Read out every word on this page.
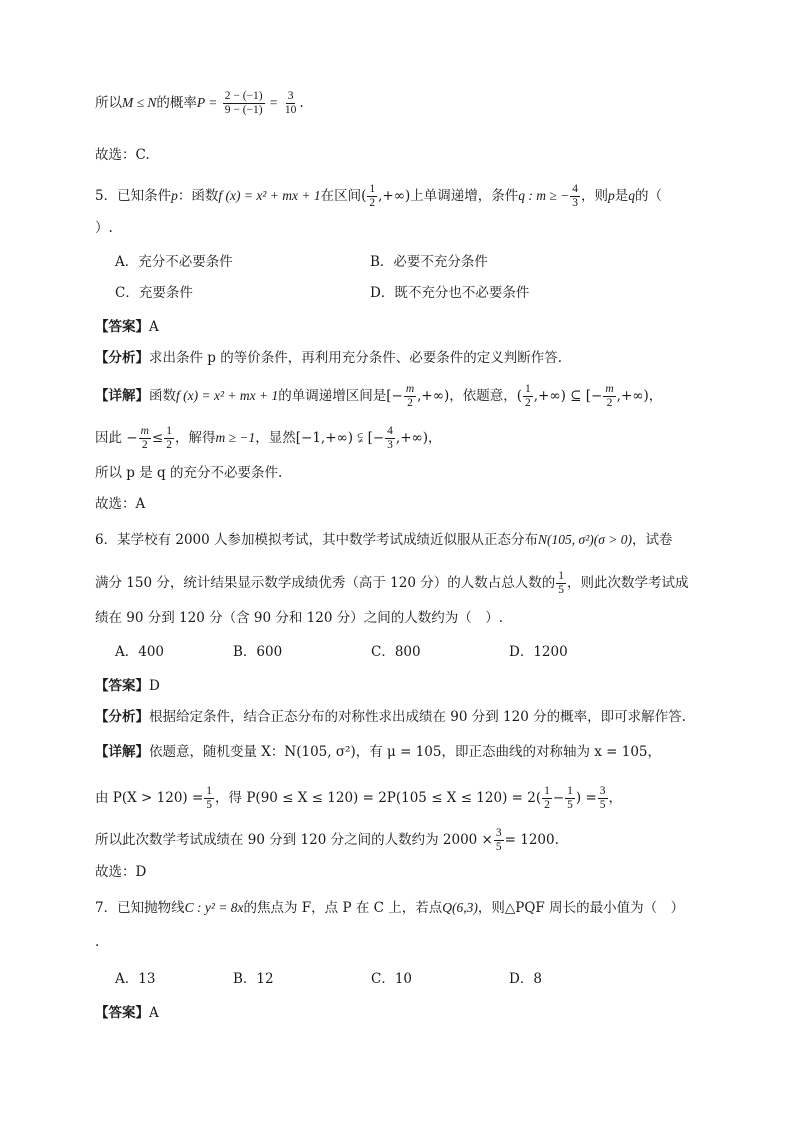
所以M ≤ N的概率$P = \frac{2 - (-1)}{9 - (-1)} = \frac{3}{10}$ .
故选：C.
5．已知条件p：函数f (x) = x² + mx + 1在区间( $\frac{1}{2}$ ,+∞)上单调递增，条件q : m ≥ − $\frac{4}{3}$ ，则p是q的（
）.
A．充分不必要条件	B．必要不充分条件
C．充要条件	D．既不充分也不必要条件
【答案】A
【分析】求出条件 p 的等价条件，再利用充分条件、必要条件的定义判断作答.
【详解】函数f (x) = x² + mx + 1的单调递增区间是[− $\frac{m}{2}$ ,+∞)，依题意，( $\frac{1}{2}$ ,+∞) ⊆ [− $\frac{m}{2}$ ,+∞)，
因此 − $\frac{m}{2} \le \frac{1}{2}$ ，解得m ≥ −1，显然[−1,+∞) ⫋ [− $\frac{4}{3}$ ,+∞)，
所以 p 是 q 的充分不必要条件.
故选：A
6．某学校有 2000 人参加模拟考试，其中数学考试成绩近似服从正态分布N(105, σ²)(σ > 0)，试卷
满分 150 分，统计结果显示数学成绩优秀（高于 120 分）的人数占总人数的 $\frac{1}{5}$ ，则此次数学考试成
绩在 90 分到 120 分（含 90 分和 120 分）之间的人数约为（　）.
A．400	B．600	C．800	D．1200
【答案】D
【分析】根据给定条件，结合正态分布的对称性求出成绩在 90 分到 120 分的概率，即可求解作答.
【详解】依题意，随机变量 X：N(105, σ²)，有 μ = 105，即正态曲线的对称轴为 x = 105，
由 $P(X > 120) = \frac{1}{5}$ ，得 $P(90 \le X \le 120) = 2P(105 \le X \le 120) = 2( \frac{1}{2} - \frac{1}{5}$ ) = $\frac{3}{5}$ ，
所以此次数学考试成绩在 90 分到 120 分之间的人数约为 $2000 \times \frac{3}{5} = 1200$.
故选：D
7．已知抛物线C : y² = 8x的焦点为 F，点 P 在 C 上，若点Q(6,3)，则△PQF 周长的最小值为（　）
.
A．13	B．12	C．10	D．8
【答案】A
